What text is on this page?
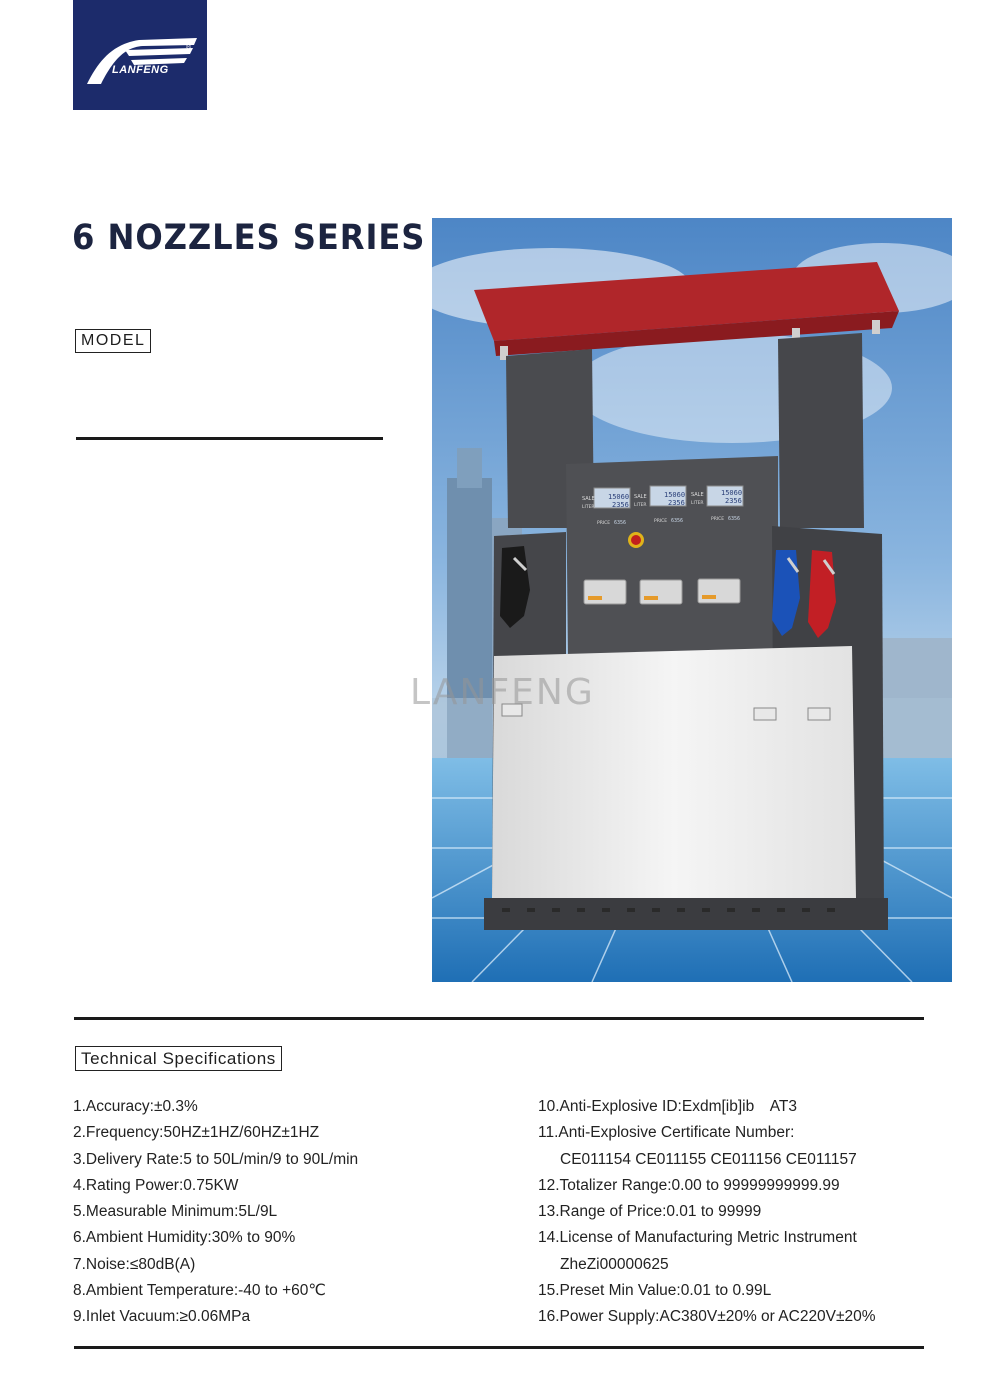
LANFENG
®
6 NOZZLES SERIES
MODEL
SALE
LITER
15060
2356
PRICE 6356
SALE
LITER
15060
2356
PRICE 6356
SALE
LITER
15060
2356
PRICE 6356
LANFENG
Technical Specifications
1.Accuracy:±0.3%
2.Frequency:50HZ±1HZ/60HZ±1HZ
3.Delivery Rate:5 to 50L/min/9 to 90L/min
4.Rating Power:0.75KW
5.Measurable Minimum:5L/9L
6.Ambient Humidity:30% to 90%
7.Noise:≤80dB(A)
8.Ambient Temperature:-40 to +60℃
9.Inlet Vacuum:≥0.06MPa
10.Anti-Explosive ID:Exdm[ib]ib　AT3
11.Anti-Explosive Certificate Number:
CE011154 CE011155 CE011156 CE011157
12.Totalizer Range:0.00 to 99999999999.99
13.Range of Price:0.01 to 99999
14.License of Manufacturing Metric Instrument
ZheZi00000625
15.Preset Min Value:0.01 to 0.99L
16.Power Supply:AC380V±20% or AC220V±20%
